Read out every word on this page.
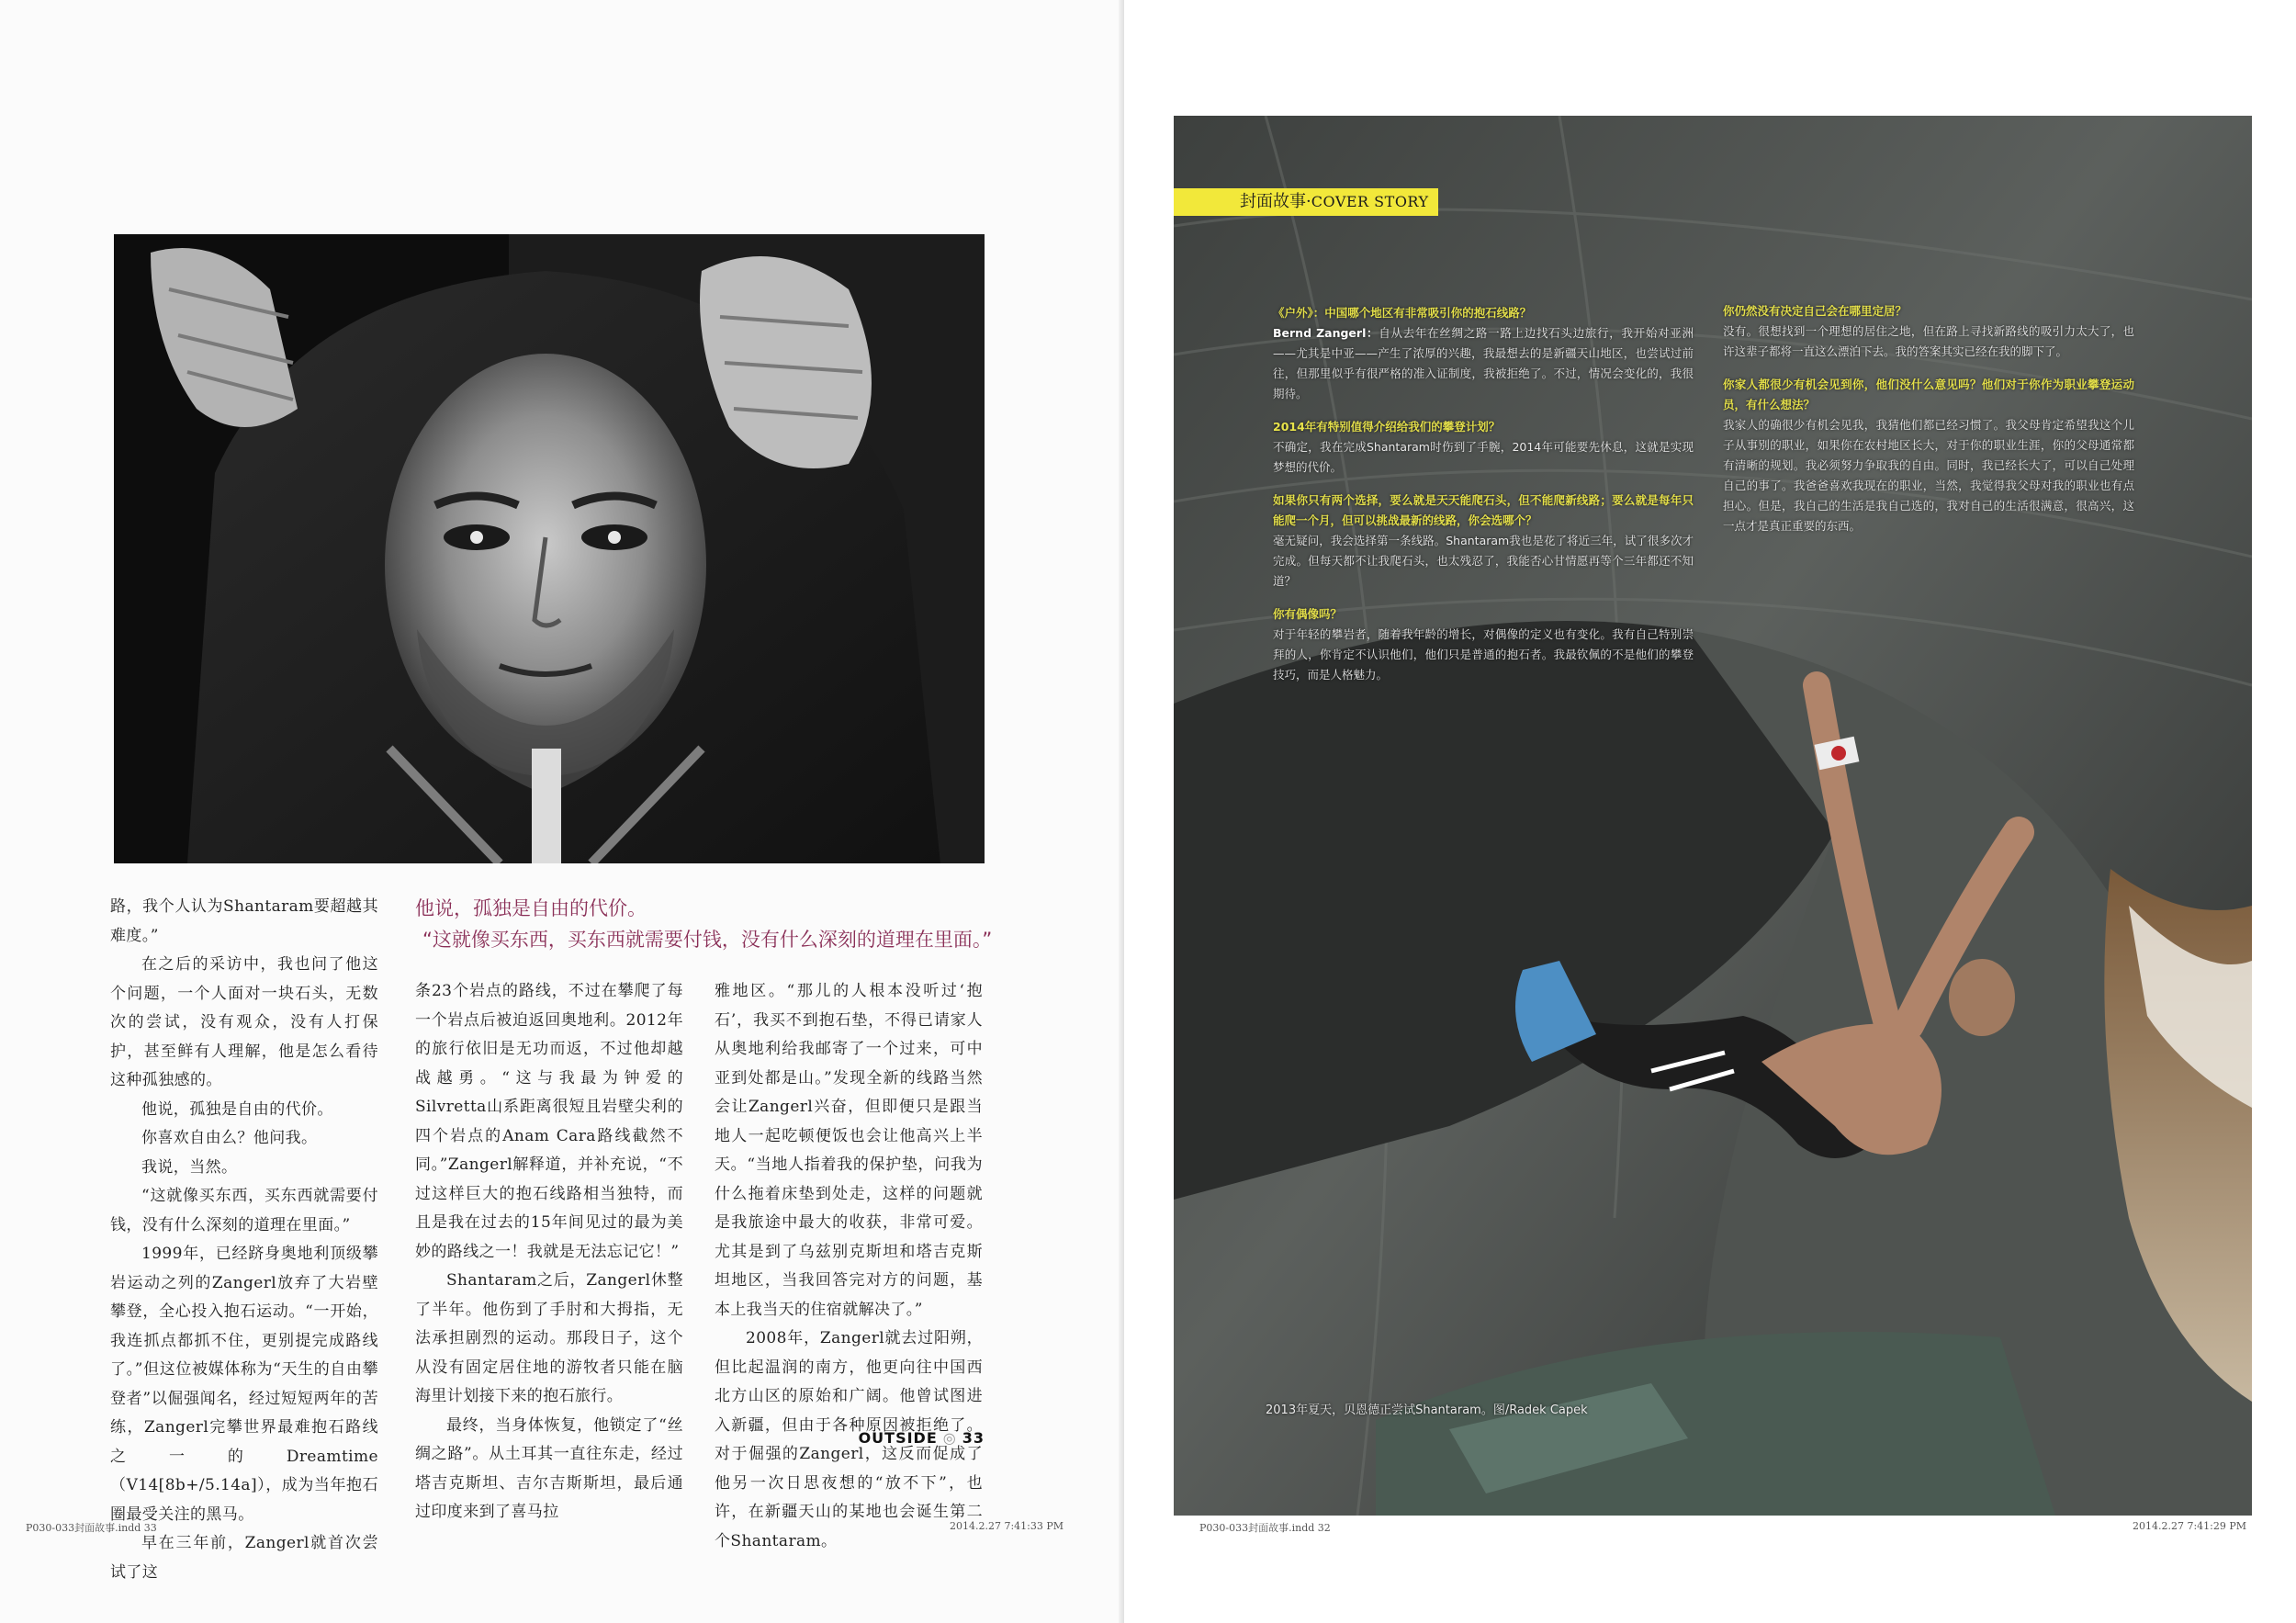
路，我个人认为Shantaram要超越其难度。”

在之后的采访中，我也问了他这个问题，一个人面对一块石头，无数次的尝试，没有观众，没有人打保护，甚至鲜有人理解，他是怎么看待这种孤独感的。

他说，孤独是自由的代价。

你喜欢自由么？他问我。

我说，当然。

“这就像买东西，买东西就需要付钱，没有什么深刻的道理在里面。”

1999年，已经跻身奥地利顶级攀岩运动之列的Zangerl放弃了大岩壁攀登，全心投入抱石运动。“一开始，我连抓点都抓不住，更别提完成路线了。”但这位被媒体称为“天生的自由攀登者”以倔强闻名，经过短短两年的苦练，Zangerl完攀世界最难抱石路线之一的Dreamtime（V14[8b+/5.14a]），成为当年抱石圈最受关注的黑马。

早在三年前，Zangerl就首次尝试了这

他说，孤独是自由的代价。
“这就像买东西，买东西就需要付钱，没有什么深刻的道理在里面。”

条23个岩点的路线，不过在攀爬了每一个岩点后被迫返回奥地利。2012年的旅行依旧是无功而返，不过他却越战越勇。“这与我最为钟爱的Silvretta山系距离很短且岩壁尖利的四个岩点的Anam Cara路线截然不同。”Zangerl解释道，并补充说，“不过这样巨大的抱石线路相当独特，而且是我在过去的15年间见过的最为美妙的路线之一！我就是无法忘记它！”

Shantaram之后，Zangerl休整了半年。他伤到了手肘和大拇指，无法承担剧烈的运动。那段日子，这个从没有固定居住地的游牧者只能在脑海里计划接下来的抱石旅行。

最终，当身体恢复，他锁定了“丝绸之路”。从土耳其一直往东走，经过塔吉克斯坦、吉尔吉斯斯坦，最后通过印度来到了喜马拉

雅地区。“那儿的人根本没听过‘抱石’，我买不到抱石垫，不得已请家人从奥地利给我邮寄了一个过来，可中亚到处都是山。”发现全新的线路当然会让Zangerl兴奋，但即便只是跟当地人一起吃顿便饭也会让他高兴上半天。“当地人指着我的保护垫，问我为什么拖着床垫到处走，这样的问题就是我旅途中最大的收获，非常可爱。尤其是到了乌兹别克斯坦和塔吉克斯坦地区，当我回答完对方的问题，基本上我当天的住宿就解决了。”

2008年，Zangerl就去过阳朔，但比起温润的南方，他更向往中国西北方山区的原始和广阔。他曾试图进入新疆，但由于各种原因被拒绝了。对于倔强的Zangerl，这反而促成了他另一次日思夜想的“放不下”，也许，在新疆天山的某地也会诞生第二个Shantaram。

OUTSIDE ◎ 33
P030-033封面故事.indd 33	2014.2.27 7:41:33 PM
封面故事·COVER STORY

《户外》：中国哪个地区有非常吸引你的抱石线路？

Bernd Zangerl：自从去年在丝绸之路一路上边找石头边旅行，我开始对亚洲——尤其是中亚——产生了浓厚的兴趣，我最想去的是新疆天山地区，也尝试过前往，但那里似乎有很严格的准入证制度，我被拒绝了。不过，情况会变化的，我很期待。

2014年有特别值得介绍给我们的攀登计划？

不确定，我在完成Shantaram时伤到了手腕，2014年可能要先休息，这就是实现梦想的代价。

如果你只有两个选择，要么就是天天能爬石头，但不能爬新线路；要么就是每年只能爬一个月，但可以挑战最新的线路，你会选哪个？

毫无疑问，我会选择第一条线路。Shantaram我也是花了将近三年，试了很多次才完成。但每天都不让我爬石头，也太残忍了，我能否心甘情愿再等个三年都还不知道？

你有偶像吗？

对于年轻的攀岩者，随着我年龄的增长，对偶像的定义也有变化。我有自己特别崇拜的人，你肯定不认识他们，他们只是普通的抱石者。我最钦佩的不是他们的攀登技巧，而是人格魅力。

你仍然没有决定自己会在哪里定居？

没有。很想找到一个理想的居住之地，但在路上寻找新路线的吸引力太大了，也许这辈子都将一直这么漂泊下去。我的答案其实已经在我的脚下了。

你家人都很少有机会见到你，他们没什么意见吗？他们对于你作为职业攀登运动员，有什么想法？

我家人的确很少有机会见我，我猜他们都已经习惯了。我父母肯定希望我这个儿子从事别的职业，如果你在农村地区长大，对于你的职业生涯，你的父母通常都有清晰的规划。我必须努力争取我的自由。同时，我已经长大了，可以自己处理自己的事了。我爸爸喜欢我现在的职业，当然，我觉得我父母对我的职业也有点担心。但是，我自己的生活是我自己选的，我对自己的生活很满意，很高兴，这一点才是真正重要的东西。

2013年夏天，贝恩德正尝试Shantaram。图/Radek Capek
P030-033封面故事.indd 32	2014.2.27 7:41:29 PM
